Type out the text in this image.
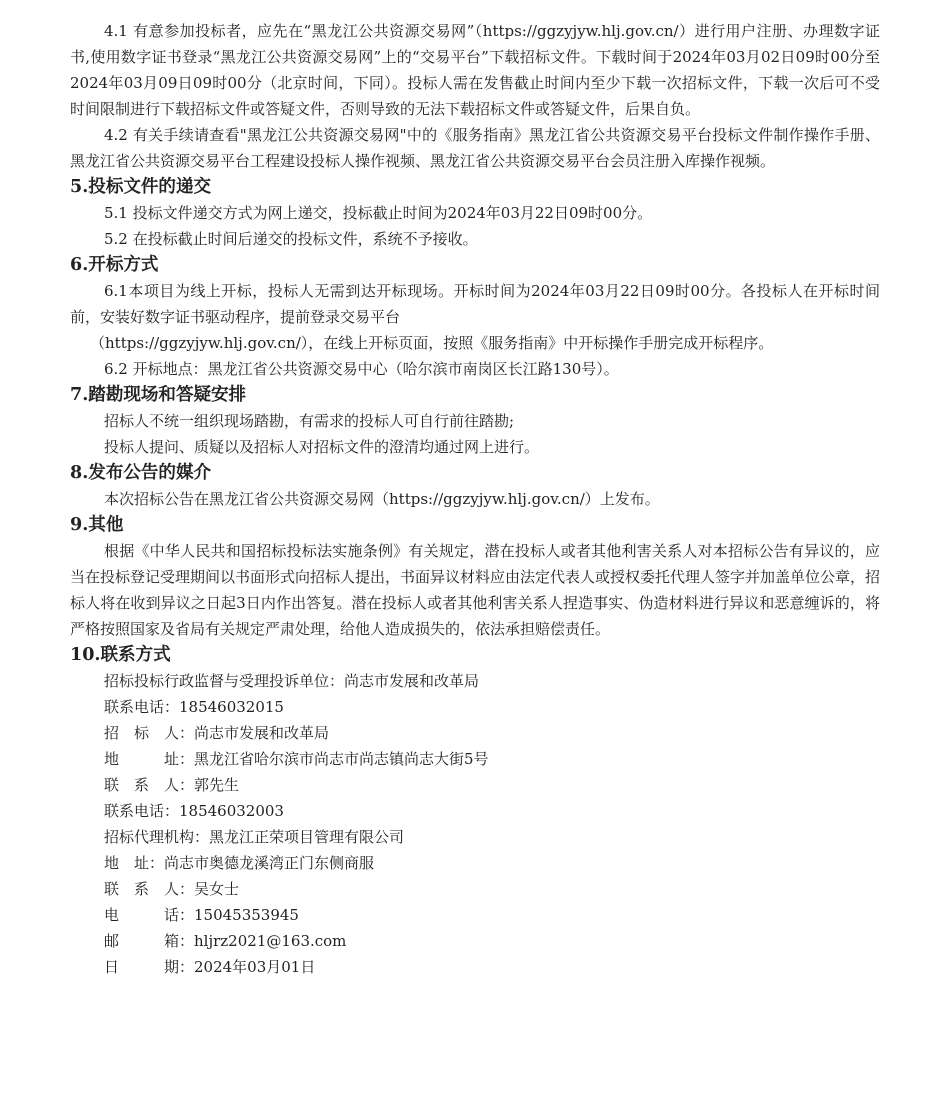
4.1 有意参加投标者，应先在“黑龙江公共资源交易网”（https://ggzyjyw.hlj.gov.cn/）进行用户注册、办理数字证书,使用数字证书登录“黑龙江公共资源交易网”上的“交易平台”下载招标文件。下载时间于2024年03月02日09时00分至2024年03月09日09时00分（北京时间，下同）。投标人需在发售截止时间内至少下载一次招标文件，下载一次后可不受时间限制进行下载招标文件或答疑文件，否则导致的无法下载招标文件或答疑文件，后果自负。

4.2 有关手续请查看"黑龙江公共资源交易网"中的《服务指南》黑龙江省公共资源交易平台投标文件制作操作手册、黑龙江省公共资源交易平台工程建设投标人操作视频、黑龙江省公共资源交易平台会员注册入库操作视频。

5.投标文件的递交

5.1 投标文件递交方式为网上递交，投标截止时间为2024年03月22日09时00分。

5.2 在投标截止时间后递交的投标文件，系统不予接收。

6.开标方式

6.1本项目为线上开标，投标人无需到达开标现场。开标时间为2024年03月22日09时00分。各投标人在开标时间前，安装好数字证书驱动程序，提前登录交易平台

（https://ggzyjyw.hlj.gov.cn/），在线上开标页面，按照《服务指南》中开标操作手册完成开标程序。

6.2 开标地点：黑龙江省公共资源交易中心（哈尔滨市南岗区长江路130号）。

7.踏勘现场和答疑安排

招标人不统一组织现场踏勘，有需求的投标人可自行前往踏勘;

投标人提问、质疑以及招标人对招标文件的澄清均通过网上进行。

8.发布公告的媒介

本次招标公告在黑龙江省公共资源交易网（https://ggzyjyw.hlj.gov.cn/）上发布。

9.其他

根据《中华人民共和国招标投标法实施条例》有关规定，潜在投标人或者其他利害关系人对本招标公告有异议的，应当在投标登记受理期间以书面形式向招标人提出，书面异议材料应由法定代表人或授权委托代理人签字并加盖单位公章，招标人将在收到异议之日起3日内作出答复。潜在投标人或者其他利害关系人捏造事实、伪造材料进行异议和恶意缠诉的，将严格按照国家及省局有关规定严肃处理，给他人造成损失的，依法承担赔偿责任。

10.联系方式

招标投标行政监督与受理投诉单位：尚志市发展和改革局

联系电话：18546032015

招　标　人：尚志市发展和改革局

地　　　址：黑龙江省哈尔滨市尚志市尚志镇尚志大街5号

联　系　人：郭先生

联系电话：18546032003

招标代理机构：黑龙江正荣项目管理有限公司

地　址：尚志市奥德龙溪湾正门东侧商服

联　系　人：吴女士

电　　　话：15045353945

邮　　　箱：hljrz2021@163.com

日　　　期：2024年03月01日
